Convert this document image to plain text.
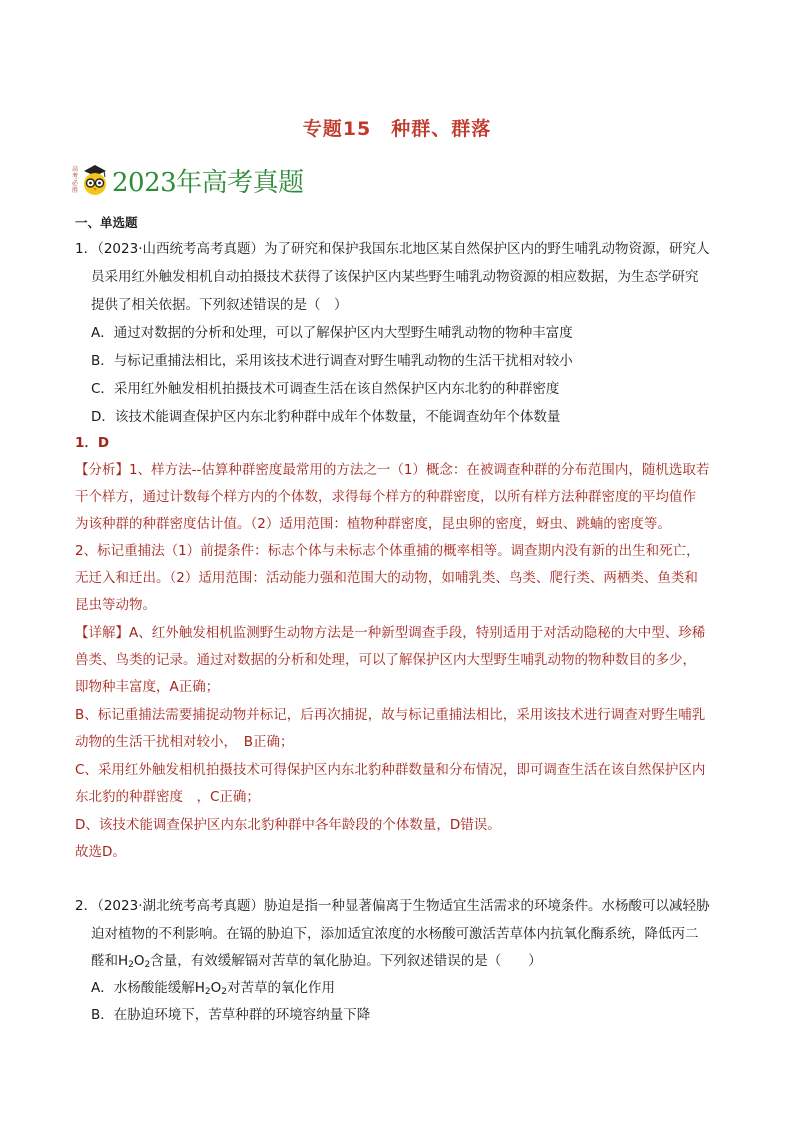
专题15　种群、群落
高
考
必
胜 2023年高考真题
一、单选题
1．（2023·山西统考高考真题）为了研究和保护我国东北地区某自然保护区内的野生哺乳动物资源，研究人
员采用红外触发相机自动拍摄技术获得了该保护区内某些野生哺乳动物资源的相应数据，为生态学研究
提供了相关依据。下列叙述错误的是（　）
A．通过对数据的分析和处理，可以了解保护区内大型野生哺乳动物的物种丰富度
B．与标记重捕法相比，采用该技术进行调查对野生哺乳动物的生活干扰相对较小
C．采用红外触发相机拍摄技术可调查生活在该自然保护区内东北豹的种群密度
D．该技术能调查保护区内东北豹种群中成年个体数量，不能调查幼年个体数量
1．D
【分析】1、样方法--估算种群密度最常用的方法之一（1）概念：在被调查种群的分布范围内，随机选取若
干个样方，通过计数每个样方内的个体数，求得每个样方的种群密度，以所有样方法种群密度的平均值作
为该种群的种群密度估计值。（2）适用范围：植物种群密度，昆虫卵的密度，蚜虫、跳蝻的密度等。
2、标记重捕法（1）前提条件：标志个体与未标志个体重捕的概率相等。调查期内没有新的出生和死亡，
无迁入和迁出。（2）适用范围：活动能力强和范围大的动物，如哺乳类、鸟类、爬行类、两栖类、鱼类和
昆虫等动物。
【详解】A、红外触发相机监测野生动物方法是一种新型调查手段，特别适用于对活动隐秘的大中型、珍稀
兽类、鸟类的记录。通过对数据的分析和处理，可以了解保护区内大型野生哺乳动物的物种数目的多少，
即物种丰富度，A正确；
B、标记重捕法需要捕捉动物并标记，后再次捕捉，故与标记重捕法相比，采用该技术进行调查对野生哺乳
动物的生活干扰相对较小，　B正确；
C、采用红外触发相机拍摄技术可得保护区内东北豹种群数量和分布情况，即可调查生活在该自然保护区内
东北豹的种群密度　，C正确；
D、该技术能调查保护区内东北豹种群中各年龄段的个体数量，D错误。
故选D。
2．（2023·湖北统考高考真题）胁迫是指一种显著偏离于生物适宜生活需求的环境条件。水杨酸可以减轻胁
迫对植物的不利影响。在镉的胁迫下，添加适宜浓度的水杨酸可激活苦草体内抗氧化酶系统，降低丙二
醛和$H_2O_2$含量，有效缓解镉对苦草的氧化胁迫。下列叙述错误的是（　　）
A．水杨酸能缓解$H_2O_2$对苦草的氧化作用
B．在胁迫环境下，苦草种群的环境容纳量下降
